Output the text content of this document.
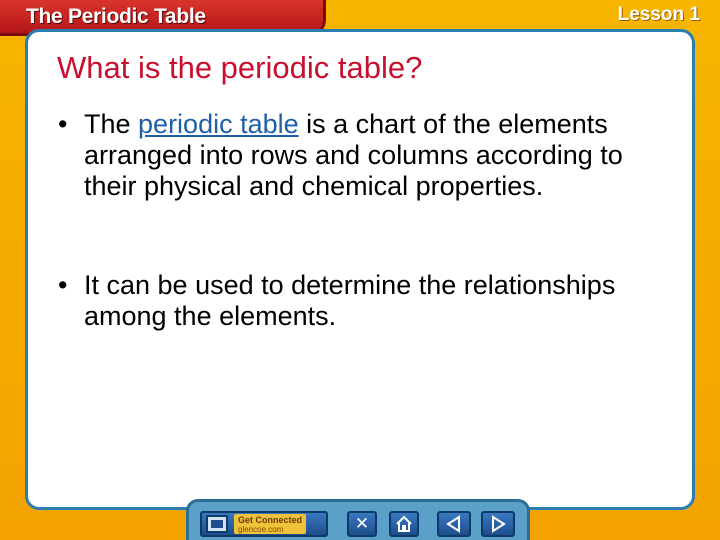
The Periodic Table	Lesson 1
What is the periodic table?
• The periodic table is a chart of the elements arranged into rows and columns according to their physical and chemical properties.
• It can be used to determine the relationships among the elements.
Get Connected
glencoe.com	✕
